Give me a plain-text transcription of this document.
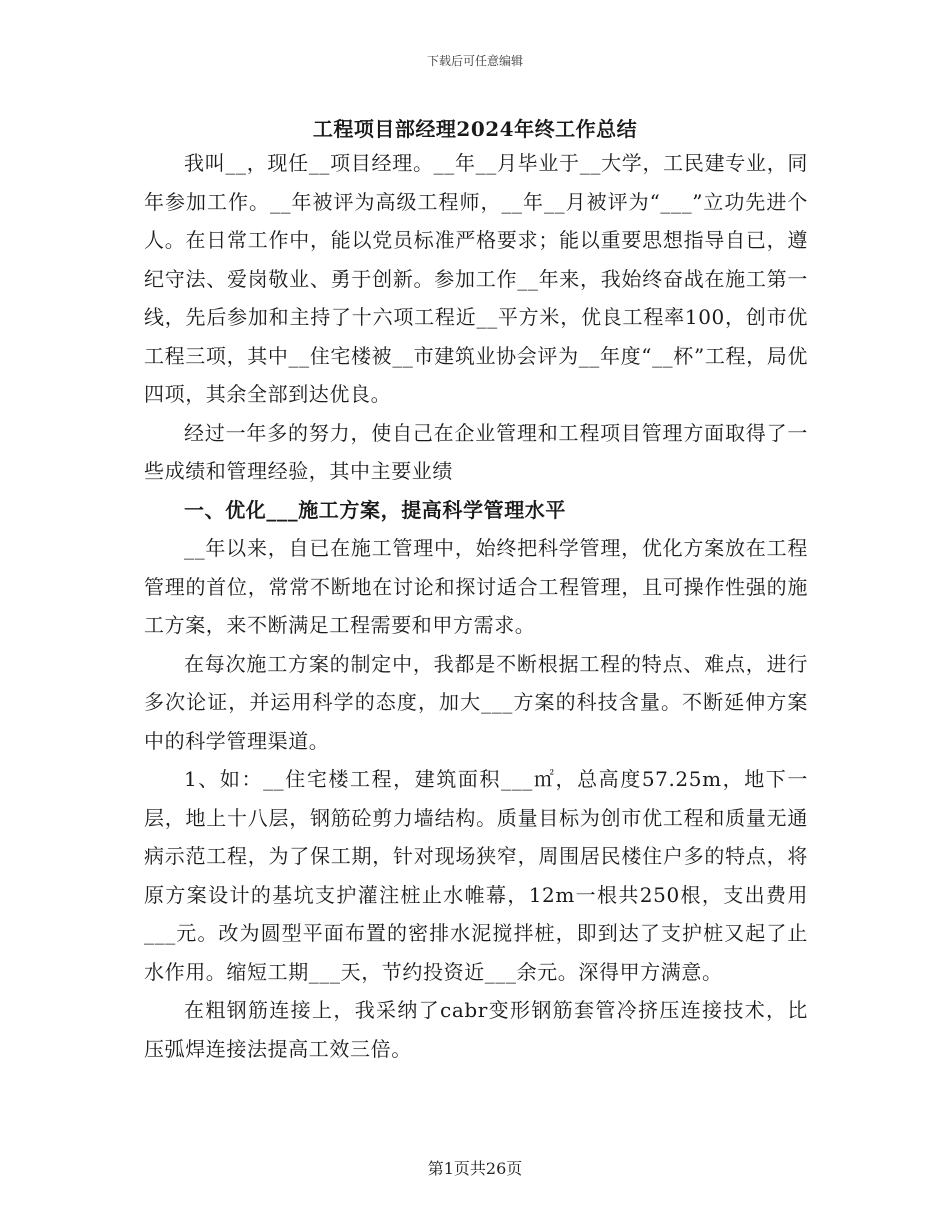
下载后可任意编辑
工程项目部经理2024年终工作总结

我叫__，现任__项目经理。__年__月毕业于__大学，工民建专业，同年参加工作。__年被评为高级工程师，__年__月被评为“___”立功先进个人。在日常工作中，能以党员标准严格要求；能以重要思想指导自已，遵纪守法、爱岗敬业、勇于创新。参加工作__年来，我始终奋战在施工第一线，先后参加和主持了十六项工程近__平方米，优良工程率100，创市优工程三项，其中__住宅楼被__市建筑业协会评为__年度“__杯”工程，局优四项，其余全部到达优良。

经过一年多的努力，使自己在企业管理和工程项目管理方面取得了一些成绩和管理经验，其中主要业绩

一、优化___施工方案，提高科学管理水平

__年以来，自已在施工管理中，始终把科学管理，优化方案放在工程管理的首位，常常不断地在讨论和探讨适合工程管理，且可操作性强的施工方案，来不断满足工程需要和甲方需求。

在每次施工方案的制定中，我都是不断根据工程的特点、难点，进行多次论证，并运用科学的态度，加大___方案的科技含量。不断延伸方案中的科学管理渠道。

1、如：__住宅楼工程，建筑面积___㎡，总高度57.25m，地下一层，地上十八层，钢筋砼剪力墙结构。质量目标为创市优工程和质量无通病示范工程，为了保工期，针对现场狭窄，周围居民楼住户多的特点，将原方案设计的基坑支护灌注桩止水帷幕，12m一根共250根，支出费用___元。改为圆型平面布置的密排水泥搅拌桩，即到达了支护桩又起了止水作用。缩短工期___天，节约投资近___余元。深得甲方满意。

在粗钢筋连接上，我采纳了cabr变形钢筋套管冷挤压连接技术，比压弧焊连接法提高工效三倍。

第1页共26页
